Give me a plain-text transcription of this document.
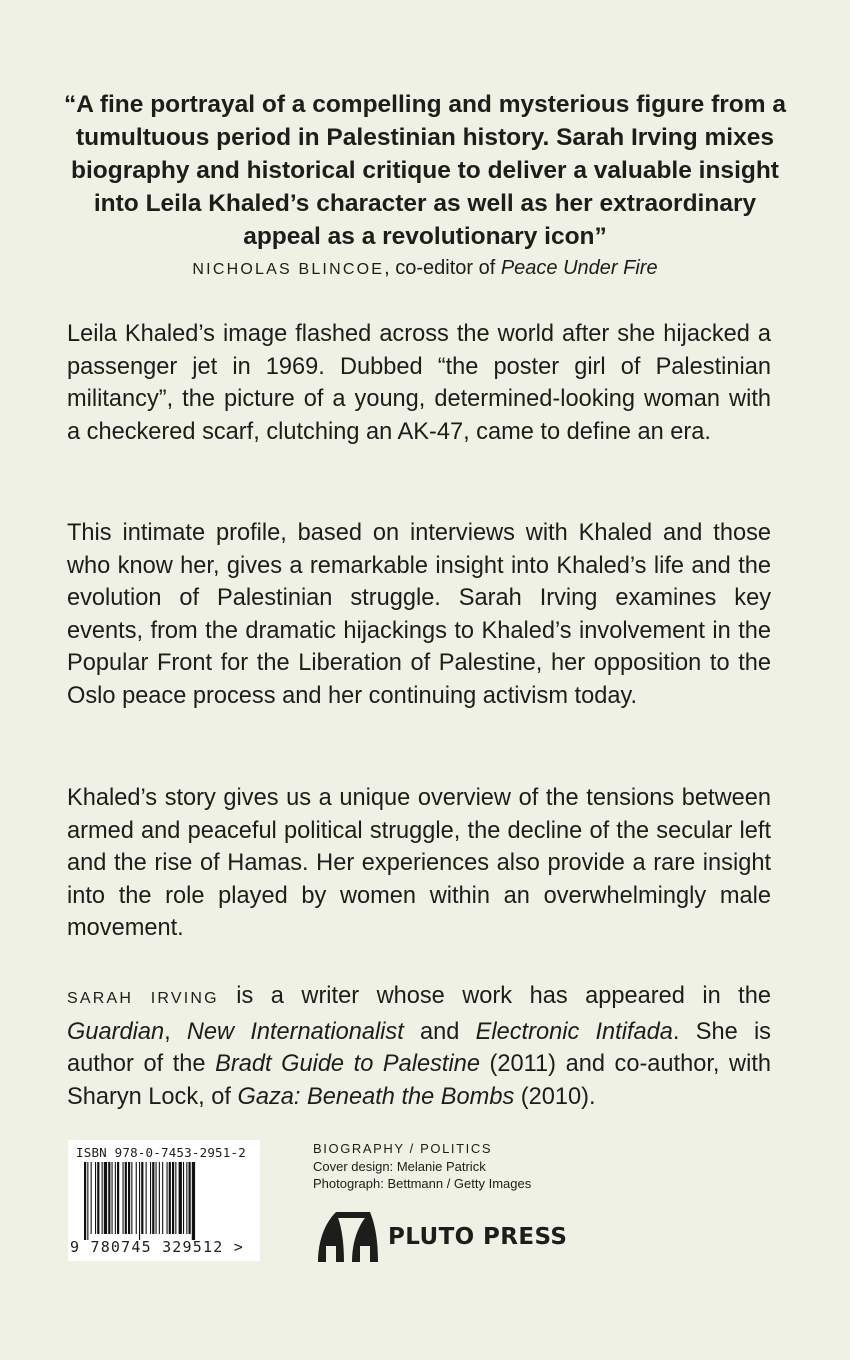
“A fine portrayal of a compelling and mysterious figure from a tumultuous period in Palestinian history. Sarah Irving mixes biography and historical critique to deliver a valuable insight into Leila Khaled’s character as well as her extraordinary appeal as a revolutionary icon”

NICHOLAS BLINCOE, co-editor of Peace Under Fire

Leila Khaled’s image flashed across the world after she hijacked a passenger jet in 1969. Dubbed “the poster girl of Palestinian militancy”, the picture of a young, determined-looking woman with a checkered scarf, clutching an AK-47, came to define an era.

This intimate profile, based on interviews with Khaled and those who know her, gives a remarkable insight into Khaled’s life and the evolution of Palestinian struggle. Sarah Irving examines key events, from the dramatic hijackings to Khaled’s involvement in the Popular Front for the Liberation of Palestine, her opposition to the Oslo peace process and her continuing activism today.

Khaled’s story gives us a unique overview of the tensions between armed and peaceful political struggle, the decline of the secular left and the rise of Hamas. Her experiences also provide a rare insight into the role played by women within an overwhelmingly male movement.

SARAH IRVING is a writer whose work has appeared in the Guardian, New Internationalist and Electronic Intifada. She is author of the Bradt Guide to Palestine (2011) and co-author, with Sharyn Lock, of Gaza: Beneath the Bombs (2010).

ISBN 978-0-7453-2951-2
9 780745 329512 >
BIOGRAPHY / POLITICS
Cover design: Melanie Patrick
Photograph: Bettmann / Getty Images
PLUTO PRESS
